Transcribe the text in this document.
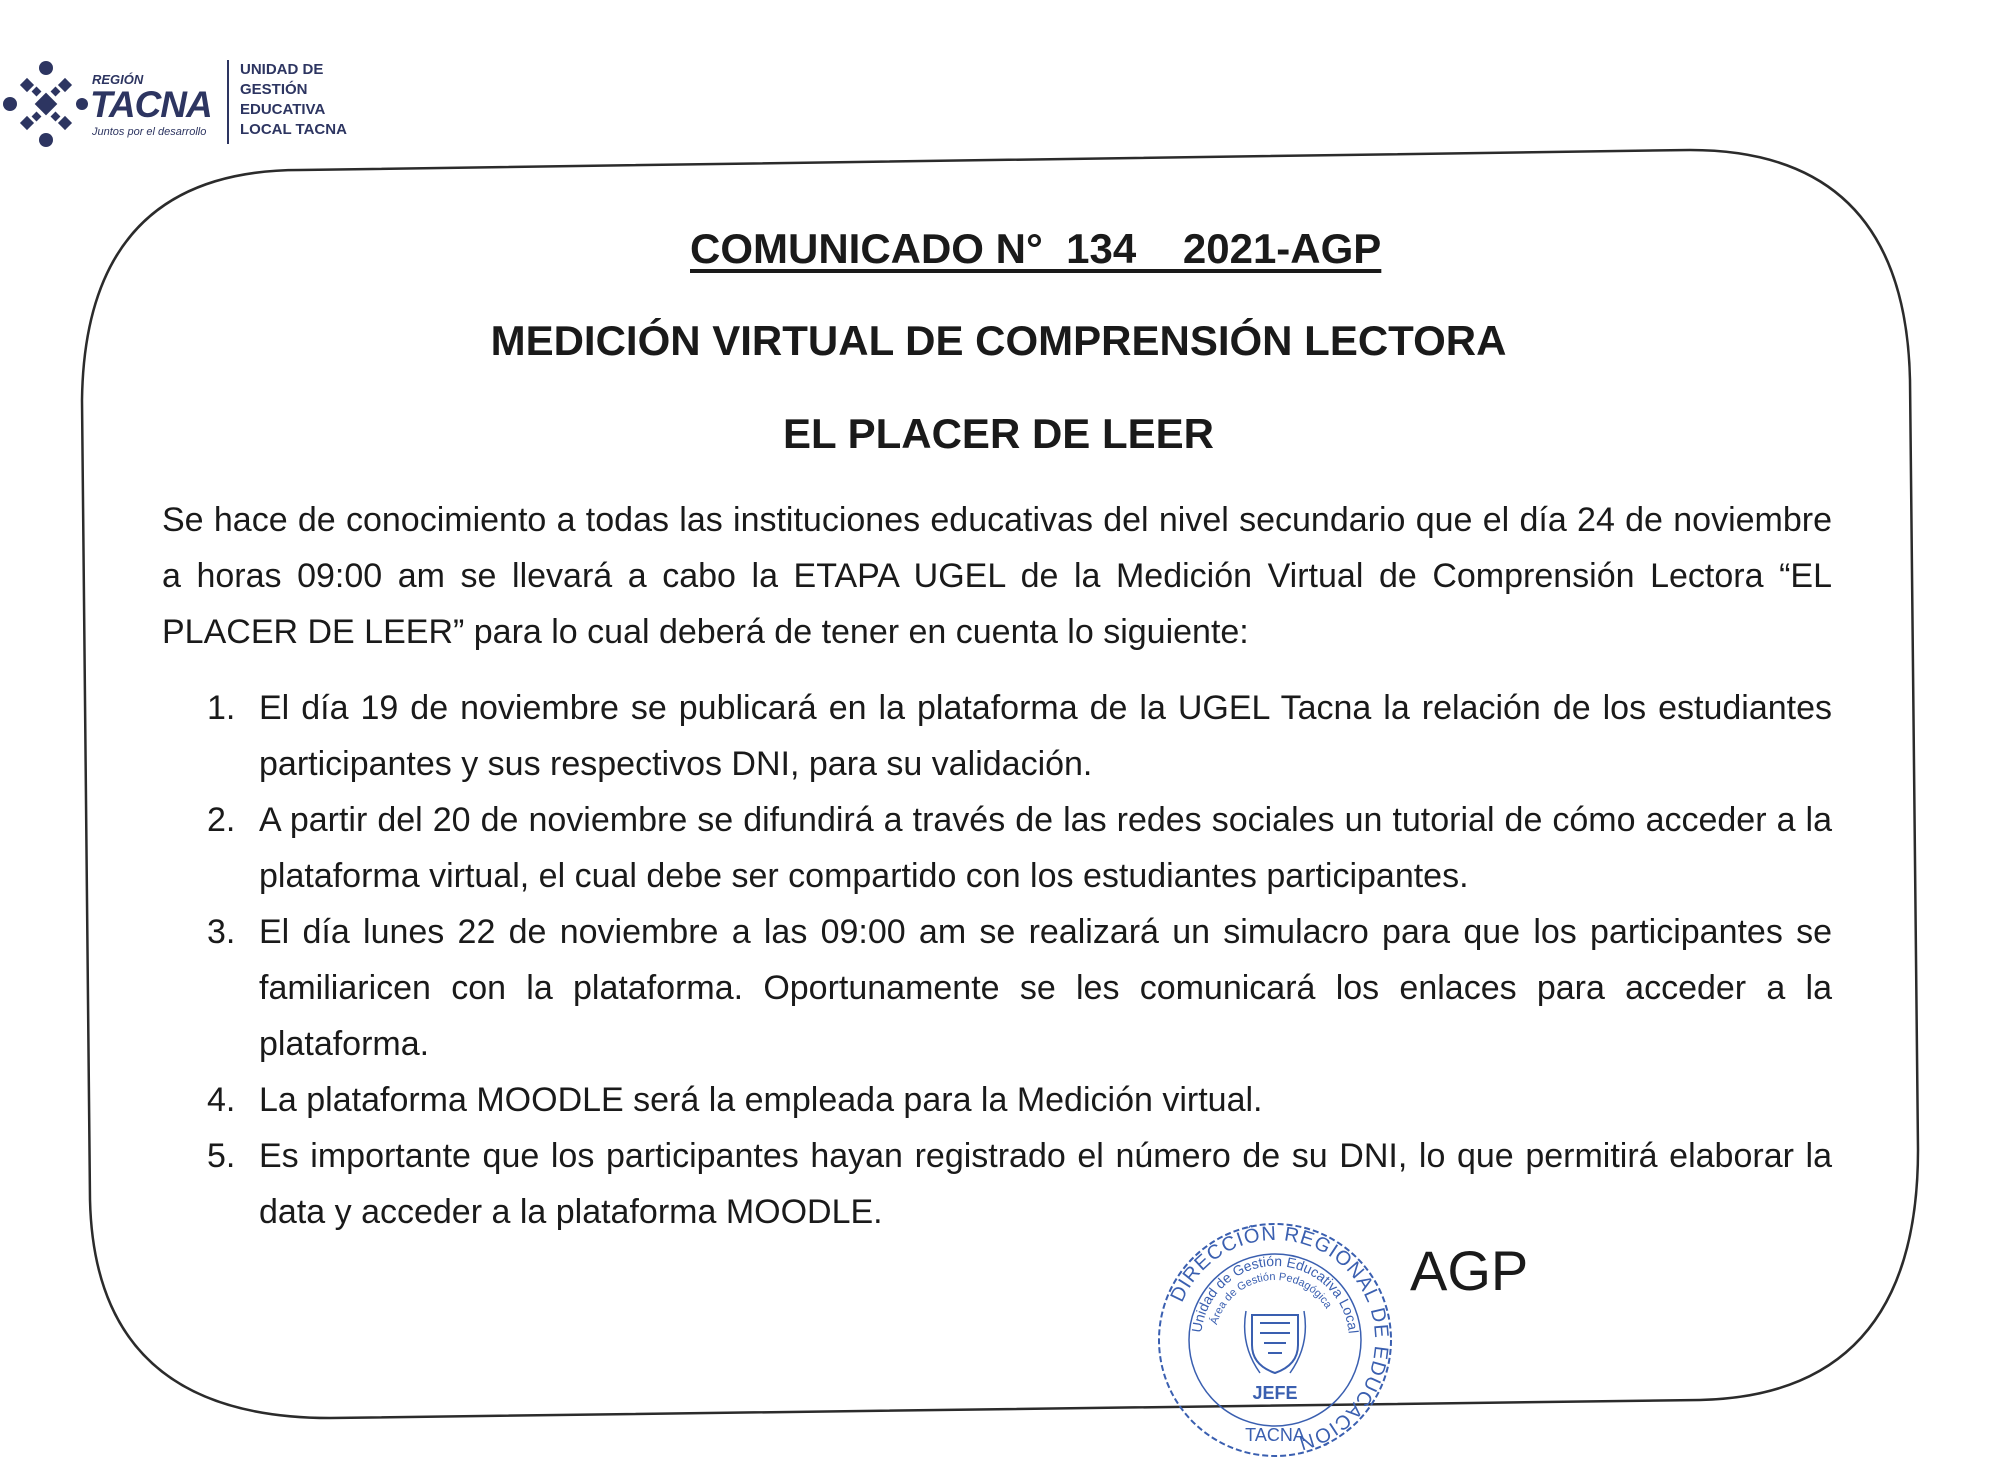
REGIÓN
TACNA
Juntos por el desarrollo
UNIDAD DE
GESTIÓN
EDUCATIVA
LOCAL TACNA
COMUNICADO N°  134    2021-AGP
MEDICIÓN VIRTUAL DE COMPRENSIÓN LECTORA
EL PLACER DE LEER
Se hace de conocimiento a todas las instituciones educativas del nivel secundario que el día 24 de noviembre a horas 09:00 am se llevará a cabo la ETAPA UGEL de la Medición Virtual de Comprensión Lectora “EL PLACER DE LEER” para lo cual deberá de tener en cuenta lo siguiente:
1. El día 19 de noviembre se publicará en la plataforma de la UGEL Tacna la relación de los estudiantes participantes y sus respectivos DNI, para su validación.
2. A partir del 20 de noviembre se difundirá a través de las redes sociales un tutorial de cómo acceder a la plataforma virtual, el cual debe ser compartido con los estudiantes participantes.
3. El día lunes 22 de noviembre a las 09:00 am se realizará un simulacro para que los participantes se familiaricen con la plataforma. Oportunamente se les comunicará los enlaces para acceder a la plataforma.
4. La plataforma MOODLE será la empleada para la Medición virtual.
5. Es importante que los participantes hayan registrado el número de su DNI, lo que permitirá elaborar la data y acceder a la plataforma MOODLE.
DIRECCIÓN REGIONAL DE EDUCACIÓN
Unidad de Gestión Educativa Local
Área de Gestión Pedagógica
JEFE
TACNA
AGP
